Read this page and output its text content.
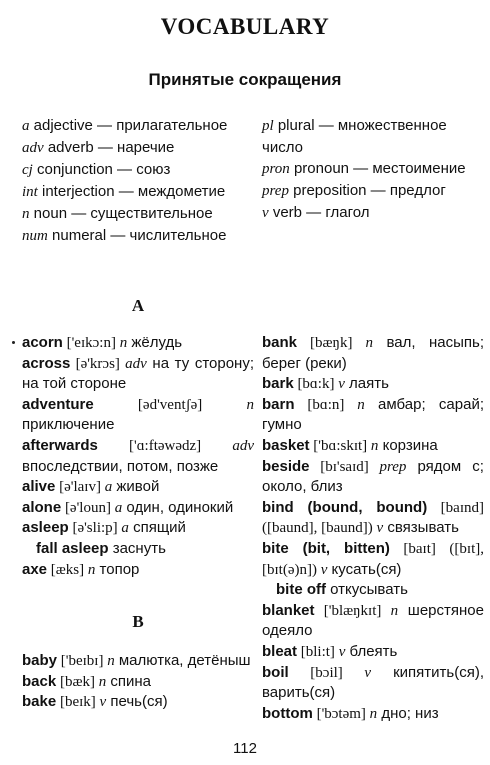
VOCABULARY
Принятые сокращения
a adjective — прилагательное
adv adverb — наречие
cj conjunction — союз
int interjection — междометие
n noun — существительное
num numeral — числительное
pl plural — множественное число
pron pronoun — местоимение
prep preposition — предлог
v verb — глагол
A
acorn ['eɪkɔ:n] n жёлудь
across [ə'krɔs] adv на ту сторону; на той стороне
adventure [əd'ventʃə] n приключение
afterwards ['ɑ:ftəwədz] adv впоследствии, потом, позже
alive [ə'laɪv] a живой
alone [ə'loun] a один, одинокий
asleep [ə'sli:p] a спящий
fall asleep заснуть
axe [æks] n топор
B
baby ['beɪbɪ] n малютка, детёныш
back [bæk] n спина
bake [beɪk] v печь(ся)
bank [bæŋk] n вал, насыпь; берег (реки)
bark [bɑ:k] v лаять
barn [bɑ:n] n амбар; сарай; гумно
basket ['bɑ:skɪt] n корзина
beside [bɪ'saɪd] prep рядом с; около, близ
bind (bound, bound) [baɪnd] ([baund], [baund]) v связывать
bite (bit, bitten) [baɪt] ([bɪt], [bɪt(ə)n]) v кусать(ся)
bite off откусывать
blanket ['blæŋkɪt] n шерстяное одеяло
bleat [bli:t] v блеять
boil [bɔil] v кипятить(ся), варить(ся)
bottom ['bɔtəm] n дно; низ
112
